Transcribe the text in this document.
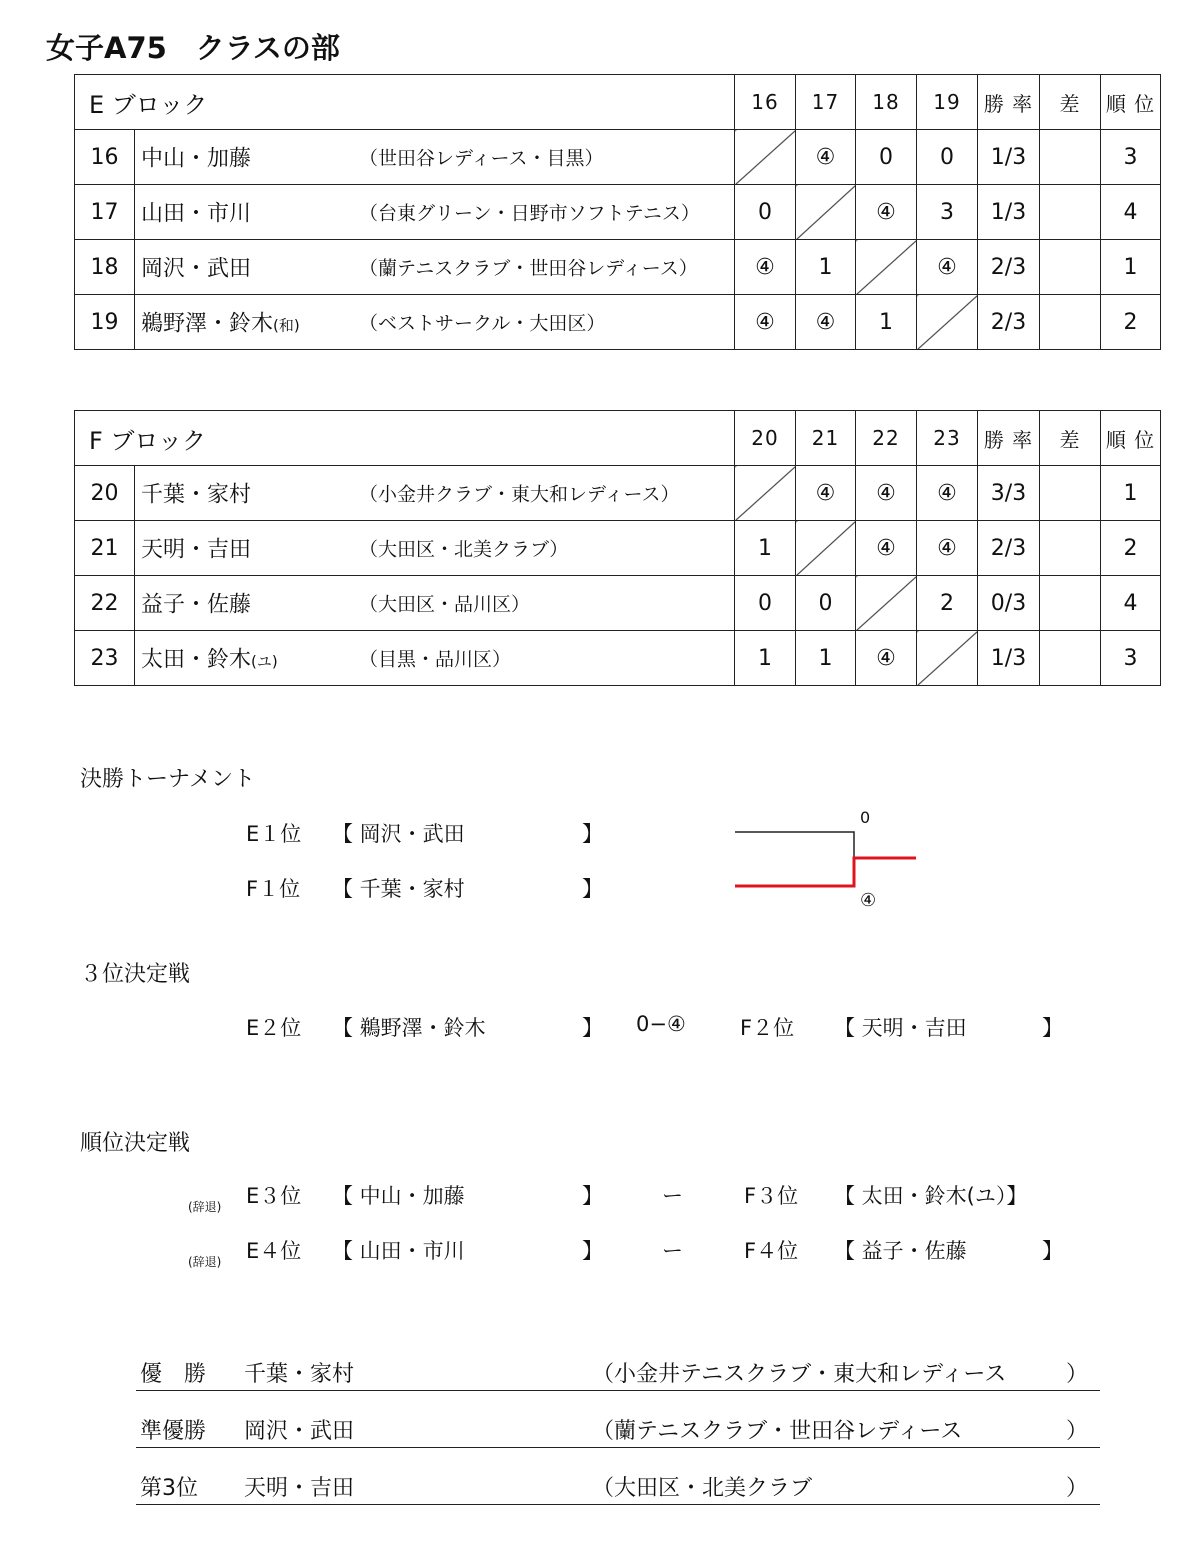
女子A75　クラスの部
E ブロック		16	17	18	19	勝 率	差	順 位
16	中山・加藤 （世田谷レディース・目黒）		④	0	0	1/3		3
17	山田・市川 （台東グリーン・日野市ソフトテニス）	0		④	3	1/3		4
18	岡沢・武田 （蘭テニスクラブ・世田谷レディース）	④	1		④	2/3		1
19	鵜野澤・鈴木(和) （ベストサークル・大田区）	④	④	1		2/3		2
F ブロック		20	21	22	23	勝 率	差	順 位
20	千葉・家村 （小金井クラブ・東大和レディース）		④	④	④	3/3		1
21	天明・吉田 （大田区・北美クラブ）	1		④	④	2/3		2
22	益子・佐藤 （大田区・品川区）	0	0		2	0/3		4
23	太田・鈴木(ユ) （目黒・品川区）	1	1	④		1/3		3
決勝トーナメント
E１位 【 岡沢・武田	】
F１位 【 千葉・家村	】
0
④
３位決定戦
E２位 【 鵜野澤・鈴木	】 0−④	F２位 【 天明・吉田	】
順位決定戦
(辞退) E３位 【 中山・加藤	】	ー	F３位 【 太田・鈴木(ユ）】
(辞退) E４位 【 山田・市川	】	ー	F４位 【 益子・佐藤	】
優　勝 千葉・家村	（小金井テニスクラブ・東大和レディース	）
準優勝 岡沢・武田	（蘭テニスクラブ・世田谷レディース	）
第3位 天明・吉田	（大田区・北美クラブ	）
